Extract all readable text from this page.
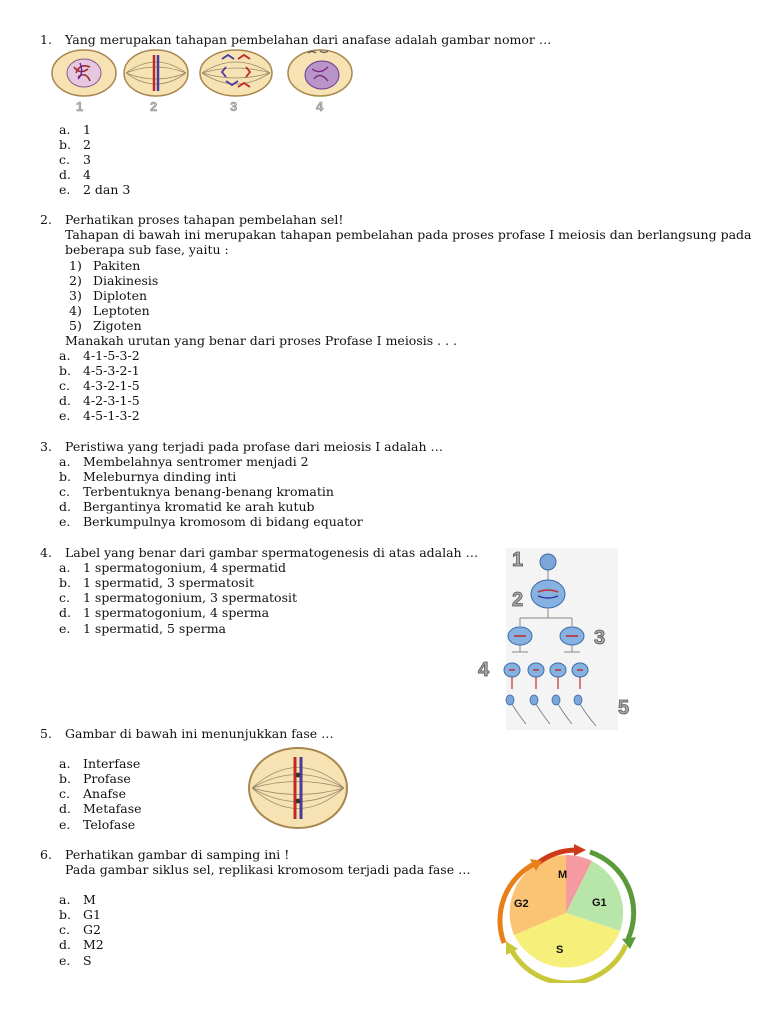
1.	Yang merupakan tahapan pembelahan dari anafase adalah gambar nomor …
1	2	3	4
a. 1
b. 2
c. 3
d. 4
e. 2 dan 3
2.	Perhatikan proses tahapan pembelahan sel!
Tahapan di bawah ini merupakan tahapan pembelahan pada proses profase I meiosis dan berlangsung pada
beberapa sub fase, yaitu :
1) Pakiten
2) Diakinesis
3) Diploten
4) Leptoten
5) Zigoten
Manakah urutan yang benar dari proses Profase I meiosis . . .
a. 4-1-5-3-2
b. 4-5-3-2-1
c. 4-3-2-1-5
d. 4-2-3-1-5
e. 4-5-1-3-2
3.	Peristiwa yang terjadi pada profase dari meiosis I adalah …
a. Membelahnya sentromer menjadi 2
b. Meleburnya dinding inti
c. Terbentuknya benang-benang kromatin
d. Bergantinya kromatid ke arah kutub
e. Berkumpulnya kromosom di bidang equator
4.	Label yang benar dari gambar spermatogenesis di atas adalah …
a. 1 spermatogonium, 4 spermatid
b. 1 spermatid, 3 spermatosit
c. 1 spermatogonium, 3 spermatosit
d. 1 spermatogonium, 4 sperma
e. 1 spermatid, 5 sperma
1
2
3
4
5
5.	Gambar di bawah ini menunjukkan fase …
a. Interfase
b. Profase
c. Anafse
d. Metafase
e. Telofase
6.	Perhatikan gambar di samping ini !
Pada gambar siklus sel, replikasi kromosom terjadi pada fase …
a. M
b. G1
c. G2
d. M2
e. S
M
G1
G2
S
